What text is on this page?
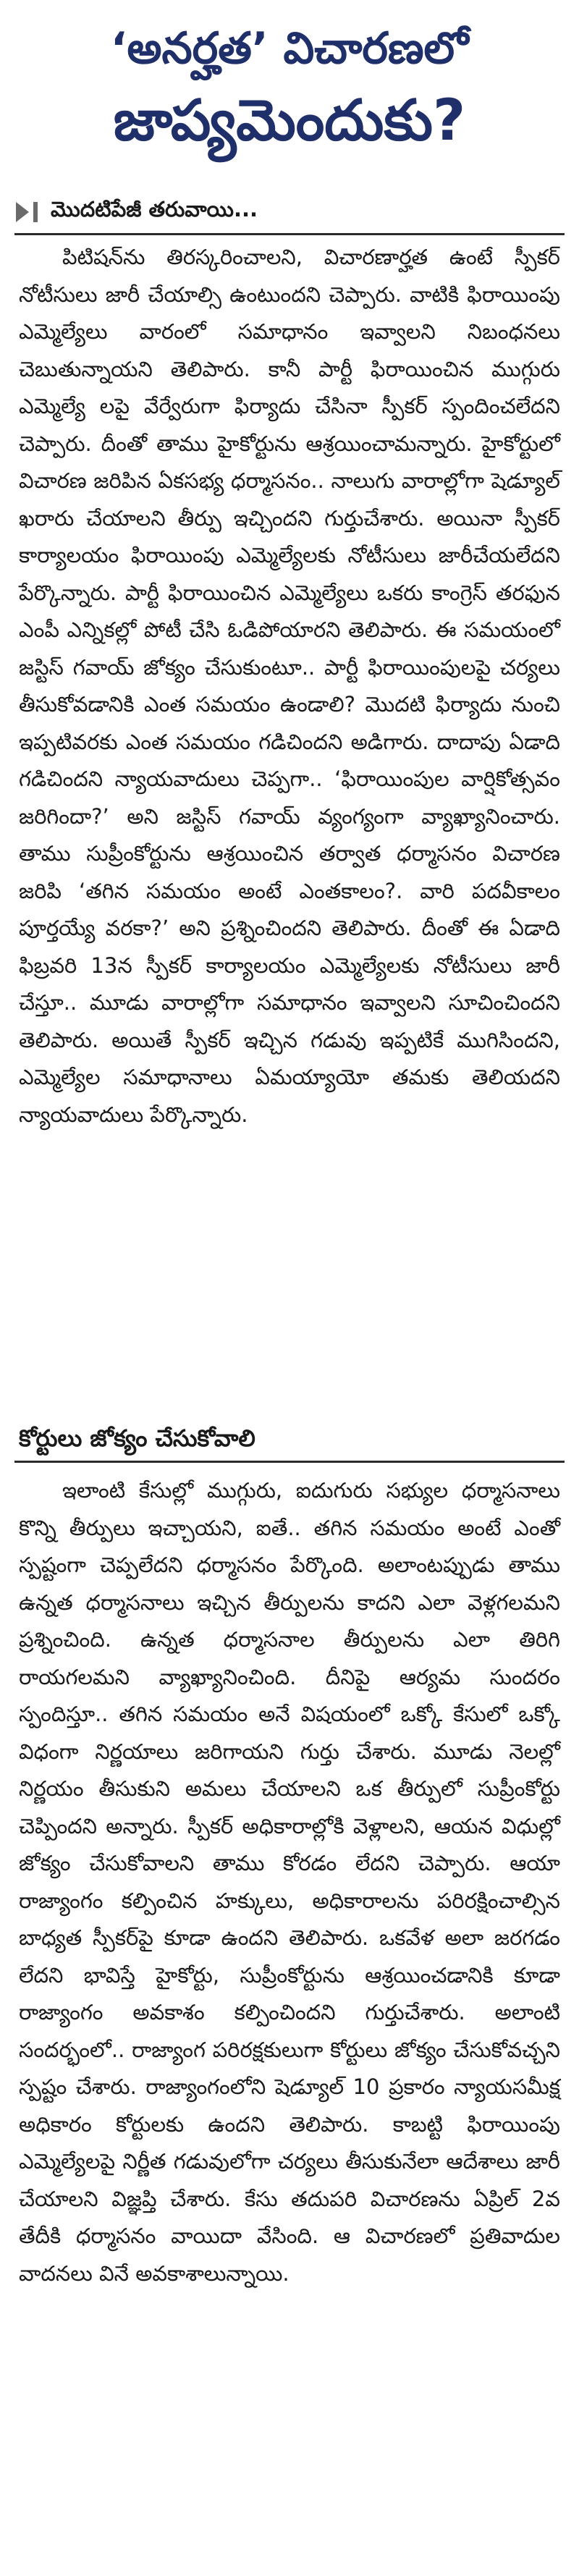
‘అనర్హత’ విచారణలో
జాప్యమెందుకు?
మొదటిపేజీ తరువాయి...
పిటిషన్‌ను తిరస్కరించాలని, విచారణార్హత ఉంటే స్పీకర్ నోటీసులు జారీ చేయాల్సి ఉంటుందని చెప్పారు. వాటికి ఫిరాయింపు ఎమ్మెల్యేలు వారంలో సమాధానం ఇవ్వాలని నిబంధనలు చెబుతున్నాయని తెలిపారు. కానీ పార్టీ ఫిరాయించిన ముగ్గురు ఎమ్మెల్యే లపై వేర్వేరుగా ఫిర్యాదు చేసినా స్పీకర్ స్పందించలేదని చెప్పారు. దీంతో తాము హైకోర్టును ఆశ్రయించామన్నారు. హైకోర్టులో విచారణ జరిపిన ఏకసభ్య ధర్మాసనం.. నాలుగు వారాల్లోగా షెడ్యూల్ ఖరారు చేయాలని తీర్పు ఇచ్చిందని గుర్తుచేశారు. అయినా స్పీకర్ కార్యాలయం ఫిరాయింపు ఎమ్మెల్యేలకు నోటీసులు జారీచేయలేదని పేర్కొన్నారు. పార్టీ ఫిరాయించిన ఎమ్మెల్యేలు ఒకరు కాంగ్రెస్ తరఫున ఎంపీ ఎన్నికల్లో పోటీ చేసి ఓడిపోయారని తెలిపారు. ఈ సమయంలో జస్టిస్ గవాయ్ జోక్యం చేసుకుంటూ.. పార్టీ ఫిరాయింపులపై చర్యలు తీసుకోవడానికి ఎంత సమయం ఉండాలి? మొదటి ఫిర్యాదు నుంచి ఇప్పటివరకు ఎంత సమయం గడిచిందని అడిగారు. దాదాపు ఏడాది గడిచిందని న్యాయవాదులు చెప్పగా.. ‘ఫిరాయింపుల వార్షికోత్సవం జరిగిందా?’ అని జస్టిస్ గవాయ్ వ్యంగ్యంగా వ్యాఖ్యానించారు. తాము సుప్రీంకోర్టును ఆశ్రయించిన తర్వాత ధర్మాసనం విచారణ జరిపి ‘తగిన సమయం అంటే ఎంతకాలం?. వారి పదవీకాలం పూర్తయ్యే వరకా?’ అని ప్రశ్నించిందని తెలిపారు. దీంతో ఈ ఏడాది ఫిబ్రవరి 13న స్పీకర్ కార్యాలయం ఎమ్మెల్యేలకు నోటీసులు జారీ చేస్తూ.. మూడు వారాల్లోగా సమాధానం ఇవ్వాలని సూచించిందని తెలిపారు. అయితే స్పీకర్ ఇచ్చిన గడువు ఇప్పటికే ముగిసిందని, ఎమ్మెల్యేల సమాధానాలు ఏమయ్యాయో తమకు తెలియదని న్యాయవాదులు పేర్కొన్నారు.
కోర్టులు జోక్యం చేసుకోవాలి
ఇలాంటి కేసుల్లో ముగ్గురు, ఐదుగురు సభ్యుల ధర్మాసనాలు కొన్ని తీర్పులు ఇచ్చాయని, ఐతే.. తగిన సమయం అంటే ఎంతో స్పష్టంగా చెప్పలేదని ధర్మాసనం పేర్కొంది. అలాంటప్పుడు తాము ఉన్నత ధర్మాసనాలు ఇచ్చిన తీర్పులను కాదని ఎలా వెళ్లగలమని ప్రశ్నించింది. ఉన్నత ధర్మాసనాల తీర్పులను ఎలా తిరిగి రాయగలమని వ్యాఖ్యానించింది. దీనిపై ఆర్యమ సుందరం స్పందిస్తూ.. తగిన సమయం అనే విషయంలో ఒక్కో కేసులో ఒక్కో విధంగా నిర్ణయాలు జరిగాయని గుర్తు చేశారు. మూడు నెలల్లో నిర్ణయం తీసుకుని అమలు చేయాలని ఒక తీర్పులో సుప్రీంకోర్టు చెప్పిందని అన్నారు. స్పీకర్ అధికారాల్లోకి వెళ్లాలని, ఆయన విధుల్లో జోక్యం చేసుకోవాలని తాము కోరడం లేదని చెప్పారు. ఆయా రాజ్యాంగం కల్పించిన హక్కులు, అధికారాలను పరిరక్షించాల్సిన బాధ్యత స్పీకర్‌పై కూడా ఉందని తెలిపారు. ఒకవేళ అలా జరగడం లేదని భావిస్తే హైకోర్టు, సుప్రీంకోర్టును ఆశ్రయించడానికి కూడా రాజ్యాంగం అవకాశం కల్పించిందని గుర్తుచేశారు. అలాంటి సందర్భంలో.. రాజ్యాంగ పరిరక్షకులుగా కోర్టులు జోక్యం చేసుకోవచ్చని స్పష్టం చేశారు. రాజ్యాంగంలోని షెడ్యూల్ 10 ప్రకారం న్యాయసమీక్ష అధికారం కోర్టులకు ఉందని తెలిపారు. కాబట్టి ఫిరాయింపు ఎమ్మెల్యేలపై నిర్ణీత గడువులోగా చర్యలు తీసుకునేలా ఆదేశాలు జారీ చేయాలని విజ్ఞప్తి చేశారు. కేసు తదుపరి విచారణను ఏప్రిల్ 2వ తేదీకి ధర్మాసనం వాయిదా వేసింది. ఆ విచారణలో ప్రతివాదుల వాదనలు వినే అవకాశాలున్నాయి.
